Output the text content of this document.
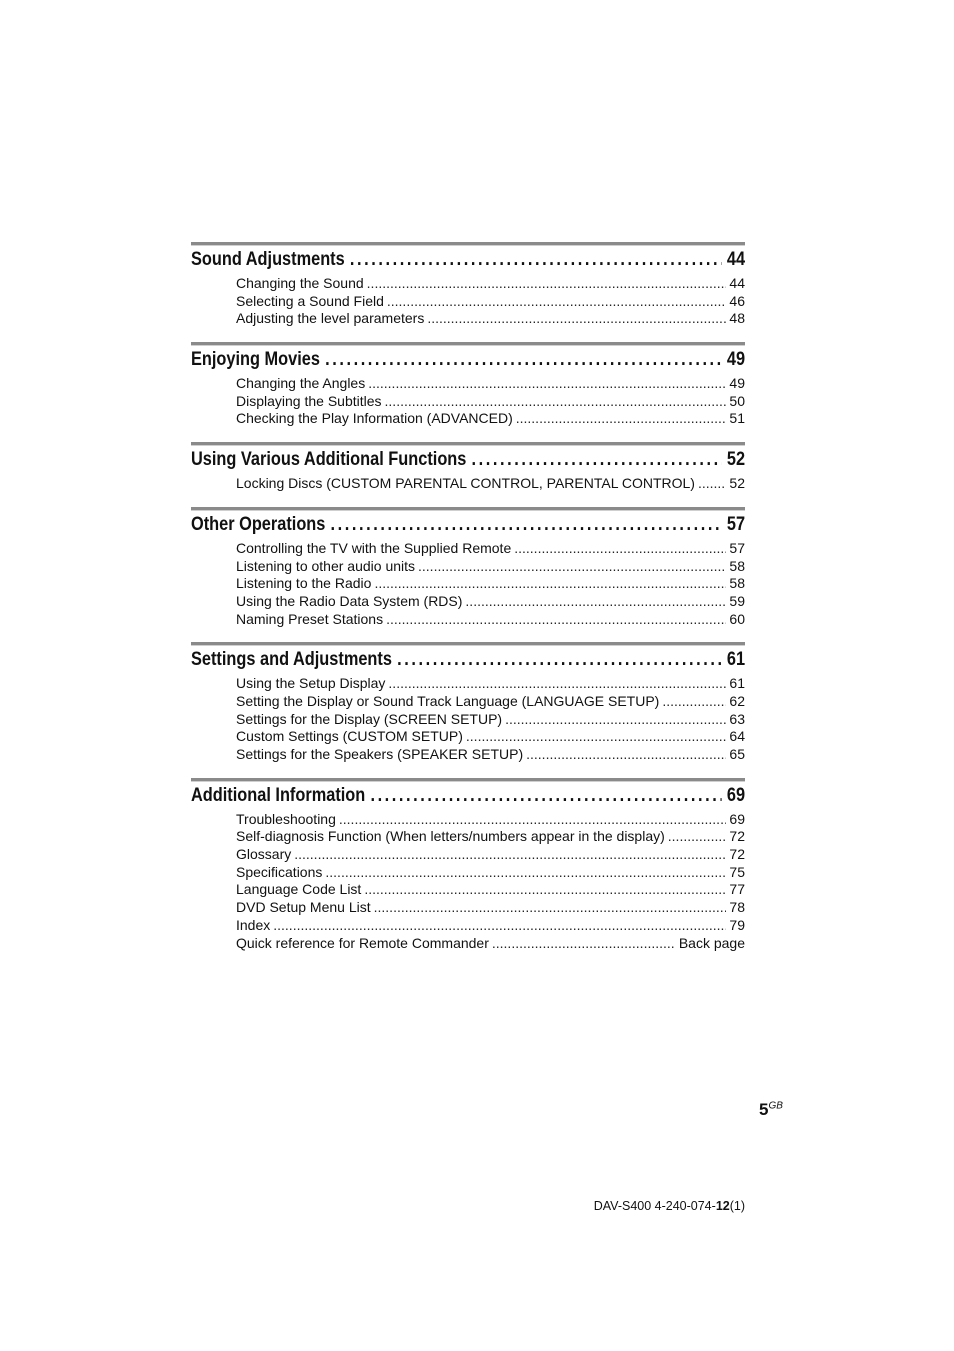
Sound Adjustments .....	44
Changing the Sound .....	44
Selecting a Sound Field .....	46
Adjusting the level parameters .....	48
Enjoying Movies .....	49
Changing the Angles .....	49
Displaying the Subtitles .....	50
Checking the Play Information (ADVANCED) .....	51
Using Various Additional Functions .....	52
Locking Discs (CUSTOM PARENTAL CONTROL, PARENTAL CONTROL) ..... 52
Other Operations .....	57
Controlling the TV with the Supplied Remote .....	57
Listening to other audio units .....	58
Listening to the Radio .....	58
Using the Radio Data System (RDS) .....	59
Naming Preset Stations .....	60
Settings and Adjustments .....	61
Using the Setup Display .....	61
Setting the Display or Sound Track Language (LANGUAGE SETUP) .....	62
Settings for the Display (SCREEN SETUP) .....	63
Custom Settings (CUSTOM SETUP) .....	64
Settings for the Speakers (SPEAKER SETUP) .....	65
Additional Information .....	69
Troubleshooting .....	69
Self-diagnosis Function (When letters/numbers appear in the display) .....	72
Glossary .....	72
Specifications .....	75
Language Code List .....	77
DVD Setup Menu List .....	78
Index .....	79
Quick reference for Remote Commander .....	Back page
$5^{GB}$
DAV-S400 4-240-074-12(1)
